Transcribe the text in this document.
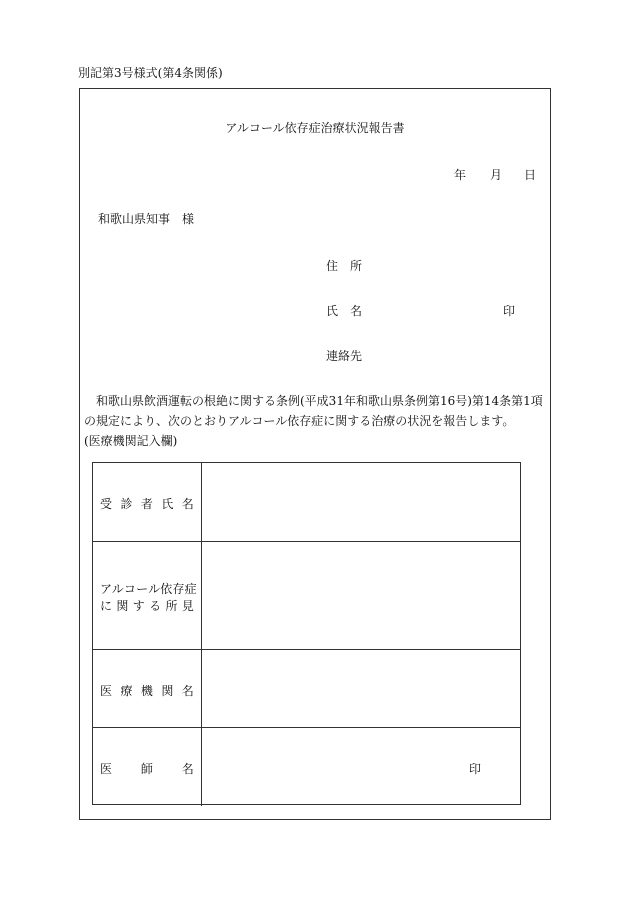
別記第3号様式(第4条関係)
アルコール依存症治療状況報告書
年 月 日
和歌山県知事　様
住　所
氏　名	印
連絡先
和歌山県飲酒運転の根絶に関する条例(平成31年和歌山県条例第16号)第14条第1項の規定により、次のとおりアルコール依存症に関する治療の状況を報告します。
(医療機関記入欄)
受 診 者 氏 名
アルコール依存症
に 関 す る 所 見
医 療 機 関 名
医 師 名	印
